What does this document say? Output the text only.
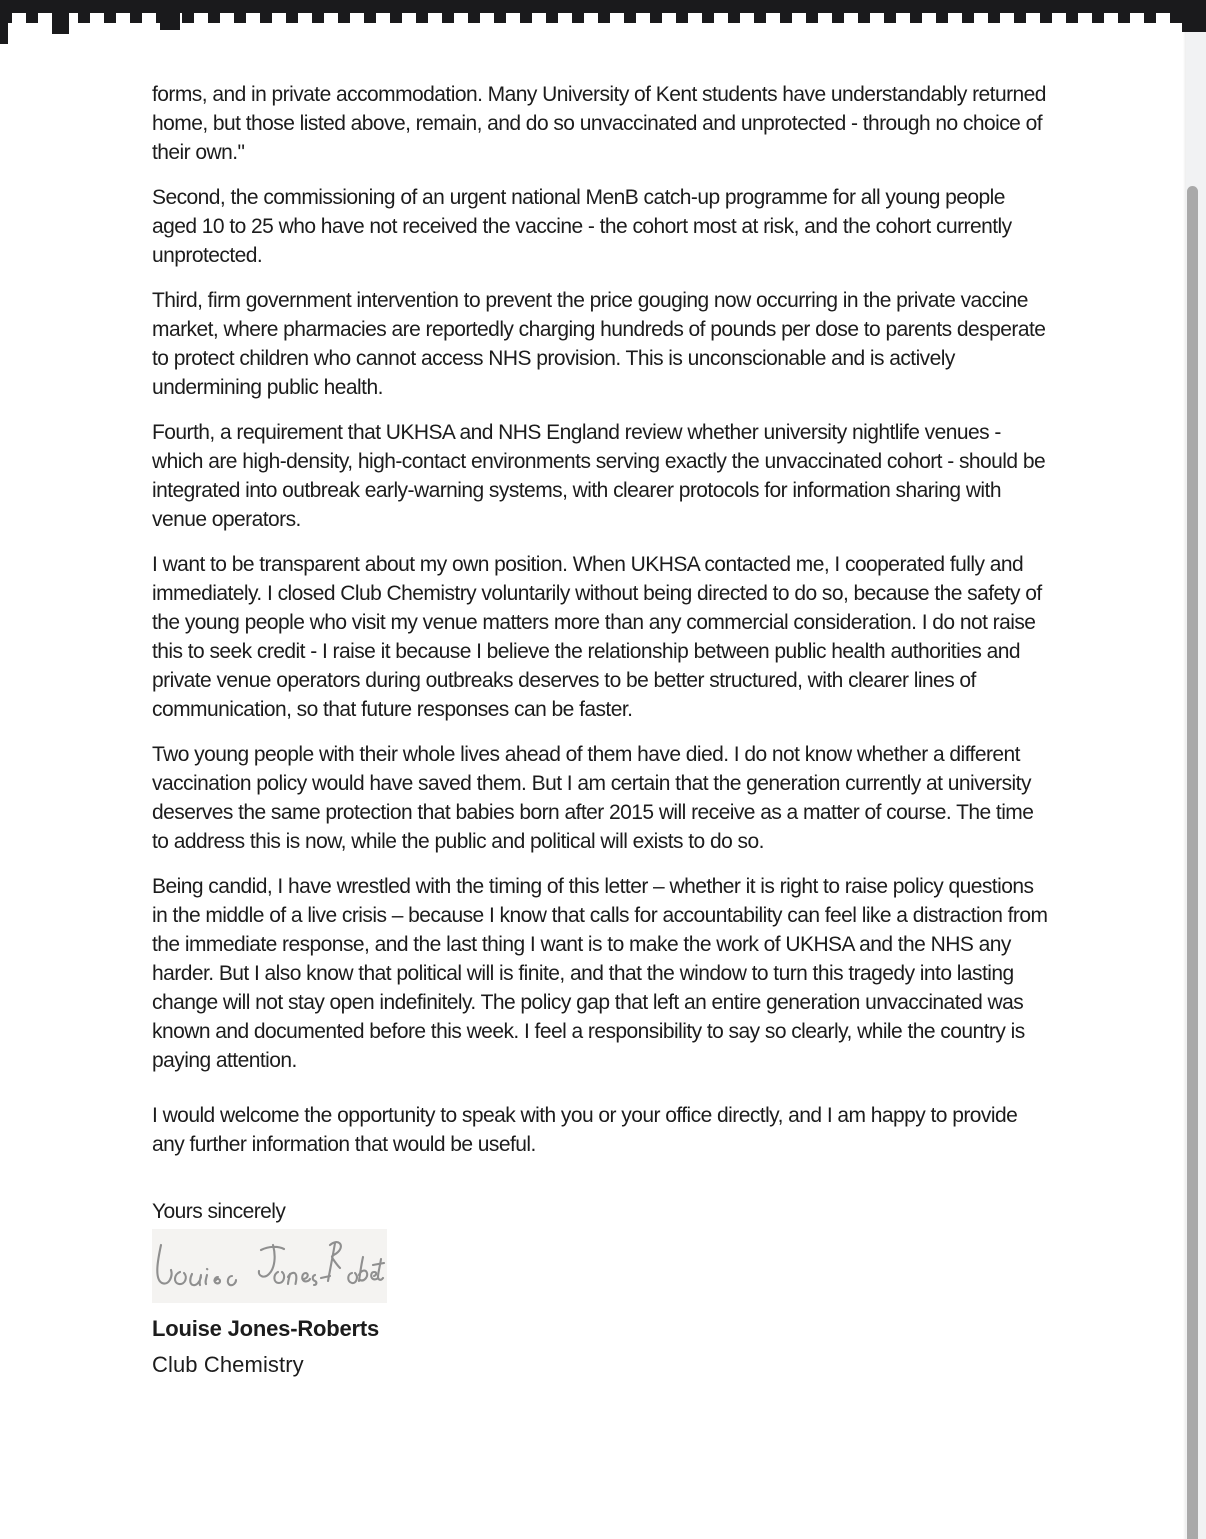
forms, and in private accommodation. Many University of Kent students have understandably returned home, but those listed above, remain, and do so unvaccinated and unprotected - through no choice of their own."

Second, the commissioning of an urgent national MenB catch-up programme for all young people aged 10 to 25 who have not received the vaccine - the cohort most at risk, and the cohort currently unprotected.

Third, firm government intervention to prevent the price gouging now occurring in the private vaccine market, where pharmacies are reportedly charging hundreds of pounds per dose to parents desperate to protect children who cannot access NHS provision. This is unconscionable and is actively undermining public health.

Fourth, a requirement that UKHSA and NHS England review whether university nightlife venues - which are high-density, high-contact environments serving exactly the unvaccinated cohort - should be integrated into outbreak early-warning systems, with clearer protocols for information sharing with venue operators.

I want to be transparent about my own position. When UKHSA contacted me, I cooperated fully and immediately. I closed Club Chemistry voluntarily without being directed to do so, because the safety of the young people who visit my venue matters more than any commercial consideration. I do not raise this to seek credit - I raise it because I believe the relationship between public health authorities and private venue operators during outbreaks deserves to be better structured, with clearer lines of communication, so that future responses can be faster.

Two young people with their whole lives ahead of them have died. I do not know whether a different vaccination policy would have saved them. But I am certain that the generation currently at university deserves the same protection that babies born after 2015 will receive as a matter of course. The time to address this is now, while the public and political will exists to do so.

Being candid, I have wrestled with the timing of this letter – whether it is right to raise policy questions in the middle of a live crisis – because I know that calls for accountability can feel like a distraction from the immediate response, and the last thing I want is to make the work of UKHSA and the NHS any harder. But I also know that political will is finite, and that the window to turn this tragedy into lasting change will not stay open indefinitely. The policy gap that left an entire generation unvaccinated was known and documented before this week. I feel a responsibility to say so clearly, while the country is paying attention.

I would welcome the opportunity to speak with you or your office directly, and I am happy to provide any further information that would be useful.

Yours sincerely

Louise Jones-Roberts

Club Chemistry
